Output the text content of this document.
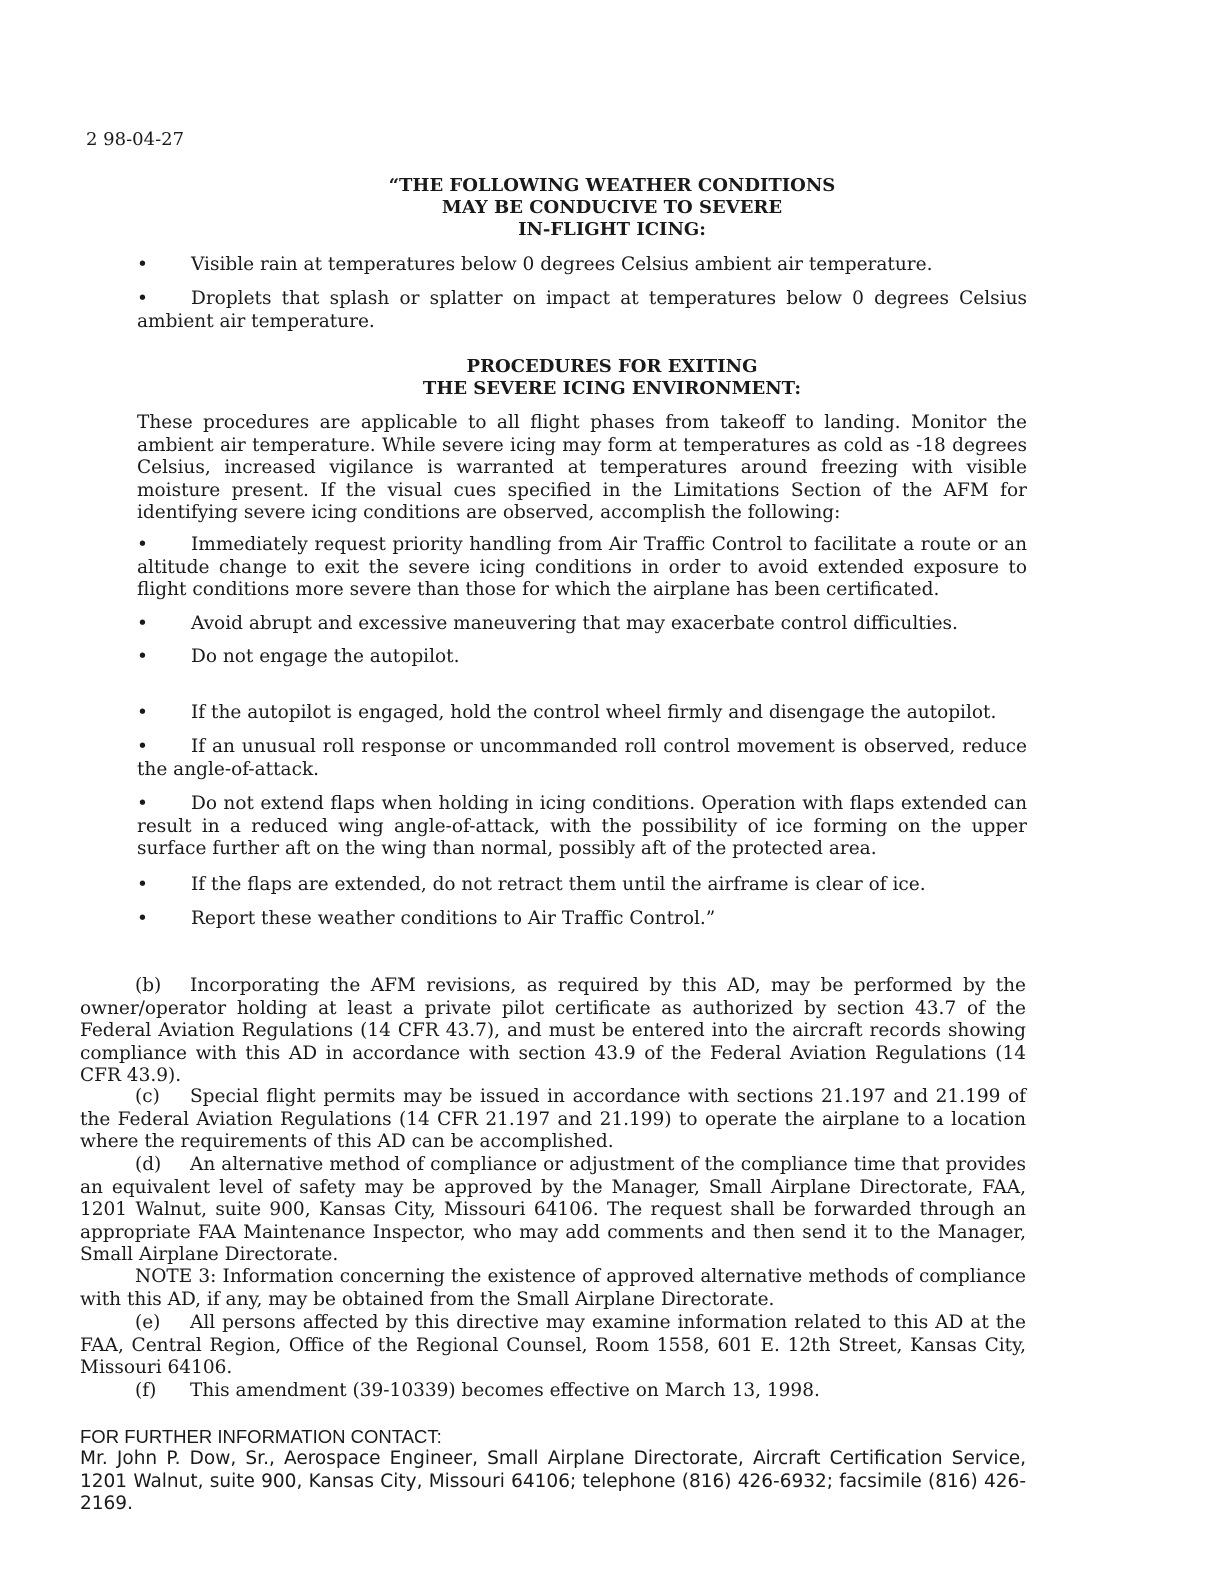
2 98-04-27
“THE FOLLOWING WEATHER CONDITIONS
MAY BE CONDUCIVE TO SEVERE
IN-FLIGHT ICING:
• Visible rain at temperatures below 0 degrees Celsius ambient air temperature.
• Droplets that splash or splatter on impact at temperatures below 0 degrees Celsius ambient air temperature.
PROCEDURES FOR EXITING
THE SEVERE ICING ENVIRONMENT:
These procedures are applicable to all flight phases from takeoff to landing. Monitor the ambient air temperature. While severe icing may form at temperatures as cold as -18 degrees Celsius, increased vigilance is warranted at temperatures around freezing with visible moisture present. If the visual cues specified in the Limitations Section of the AFM for identifying severe icing conditions are observed, accomplish the following:
• Immediately request priority handling from Air Traffic Control to facilitate a route or an altitude change to exit the severe icing conditions in order to avoid extended exposure to flight conditions more severe than those for which the airplane has been certificated.
• Avoid abrupt and excessive maneuvering that may exacerbate control difficulties.
• Do not engage the autopilot.
• If the autopilot is engaged, hold the control wheel firmly and disengage the autopilot.
• If an unusual roll response or uncommanded roll control movement is observed, reduce the angle-of-attack.
• Do not extend flaps when holding in icing conditions. Operation with flaps extended can result in a reduced wing angle-of-attack, with the possibility of ice forming on the upper surface further aft on the wing than normal, possibly aft of the protected area.
• If the flaps are extended, do not retract them until the airframe is clear of ice.
• Report these weather conditions to Air Traffic Control.”
(b) Incorporating the AFM revisions, as required by this AD, may be performed by the owner/operator holding at least a private pilot certificate as authorized by section 43.7 of the Federal Aviation Regulations (14 CFR 43.7), and must be entered into the aircraft records showing compliance with this AD in accordance with section 43.9 of the Federal Aviation Regulations (14 CFR 43.9).
(c) Special flight permits may be issued in accordance with sections 21.197 and 21.199 of the Federal Aviation Regulations (14 CFR 21.197 and 21.199) to operate the airplane to a location where the requirements of this AD can be accomplished.
(d) An alternative method of compliance or adjustment of the compliance time that provides an equivalent level of safety may be approved by the Manager, Small Airplane Directorate, FAA, 1201 Walnut, suite 900, Kansas City, Missouri 64106. The request shall be forwarded through an appropriate FAA Maintenance Inspector, who may add comments and then send it to the Manager, Small Airplane Directorate.
NOTE 3: Information concerning the existence of approved alternative methods of compliance with this AD, if any, may be obtained from the Small Airplane Directorate.
(e) All persons affected by this directive may examine information related to this AD at the FAA, Central Region, Office of the Regional Counsel, Room 1558, 601 E. 12th Street, Kansas City, Missouri 64106.
(f) This amendment (39-10339) becomes effective on March 13, 1998.
FOR FURTHER INFORMATION CONTACT:
Mr. John P. Dow, Sr., Aerospace Engineer, Small Airplane Directorate, Aircraft Certification Service, 1201 Walnut, suite 900, Kansas City, Missouri 64106; telephone (816) 426-6932; facsimile (816) 426-2169.
